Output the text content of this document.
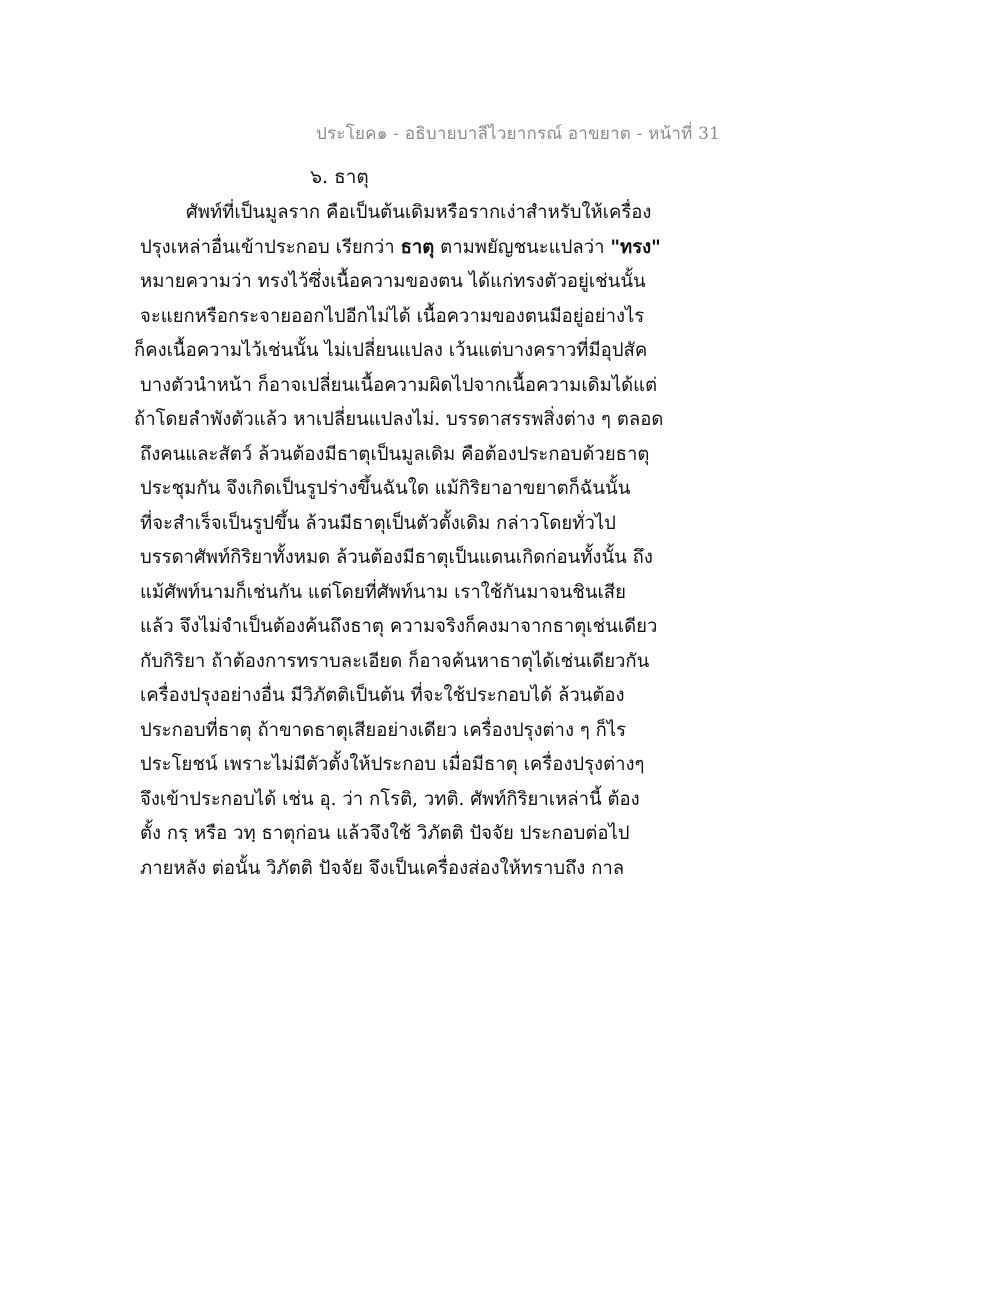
ประโยค๑ - อธิบายบาลีไวยากรณ์ อาขยาต - หน้าที่ 31
๖. ธาตุ
ศัพท์ที่เป็นมูลราก คือเป็นต้นเดิมหรือรากเง่าสำหรับให้เครื่อง
ปรุงเหล่าอื่นเข้าประกอบ เรียกว่า ธาตุ ตามพยัญชนะแปลว่า "ทรง"
หมายความว่า ทรงไว้ซึ่งเนื้อความของตน ได้แก่ทรงตัวอยู่เช่นนั้น
จะแยกหรือกระจายออกไปอีกไม่ได้ เนื้อความของตนมีอยู่อย่างไร
ก็คงเนื้อความไว้เช่นนั้น ไม่เปลี่ยนแปลง เว้นแต่บางคราวที่มีอุปสัค
บางตัวนำหน้า ก็อาจเปลี่ยนเนื้อความผิดไปจากเนื้อความเดิมได้แต่
ถ้าโดยลำพังตัวแล้ว หาเปลี่ยนแปลงไม่. บรรดาสรรพสิ่งต่าง ๆ ตลอด
ถึงคนและสัตว์ ล้วนต้องมีธาตุเป็นมูลเดิม คือต้องประกอบด้วยธาตุ
ประชุมกัน จึงเกิดเป็นรูปร่างขึ้นฉันใด แม้กิริยาอาขยาตก็ฉันนั้น
ที่จะสำเร็จเป็นรูปขึ้น ล้วนมีธาตุเป็นตัวตั้งเดิม กล่าวโดยทั่วไป
บรรดาศัพท์กิริยาทั้งหมด ล้วนต้องมีธาตุเป็นแดนเกิดก่อนทั้งนั้น ถึง
แม้ศัพท์นามก็เช่นกัน แต่โดยที่ศัพท์นาม เราใช้กันมาจนชินเสีย
แล้ว จึงไม่จำเป็นต้องค้นถึงธาตุ ความจริงก็คงมาจากธาตุเช่นเดียว
กับกิริยา ถ้าต้องการทราบละเอียด ก็อาจค้นหาธาตุได้เช่นเดียวกัน
เครื่องปรุงอย่างอื่น มีวิภัตติเป็นต้น ที่จะใช้ประกอบได้ ล้วนต้อง
ประกอบที่ธาตุ ถ้าขาดธาตุเสียอย่างเดียว เครื่องปรุงต่าง ๆ ก็ไร
ประโยชน์ เพราะไม่มีตัวตั้งให้ประกอบ เมื่อมีธาตุ เครื่องปรุงต่างๆ
จึงเข้าประกอบได้ เช่น อุ. ว่า กโรติ, วทติ. ศัพท์กิริยาเหล่านี้ ต้อง
ตั้ง กรฺ หรือ วทฺ ธาตุก่อน แล้วจึงใช้ วิภัตติ ปัจจัย ประกอบต่อไป
ภายหลัง ต่อนั้น วิภัตติ ปัจจัย จึงเป็นเครื่องส่องให้ทราบถึง กาล
